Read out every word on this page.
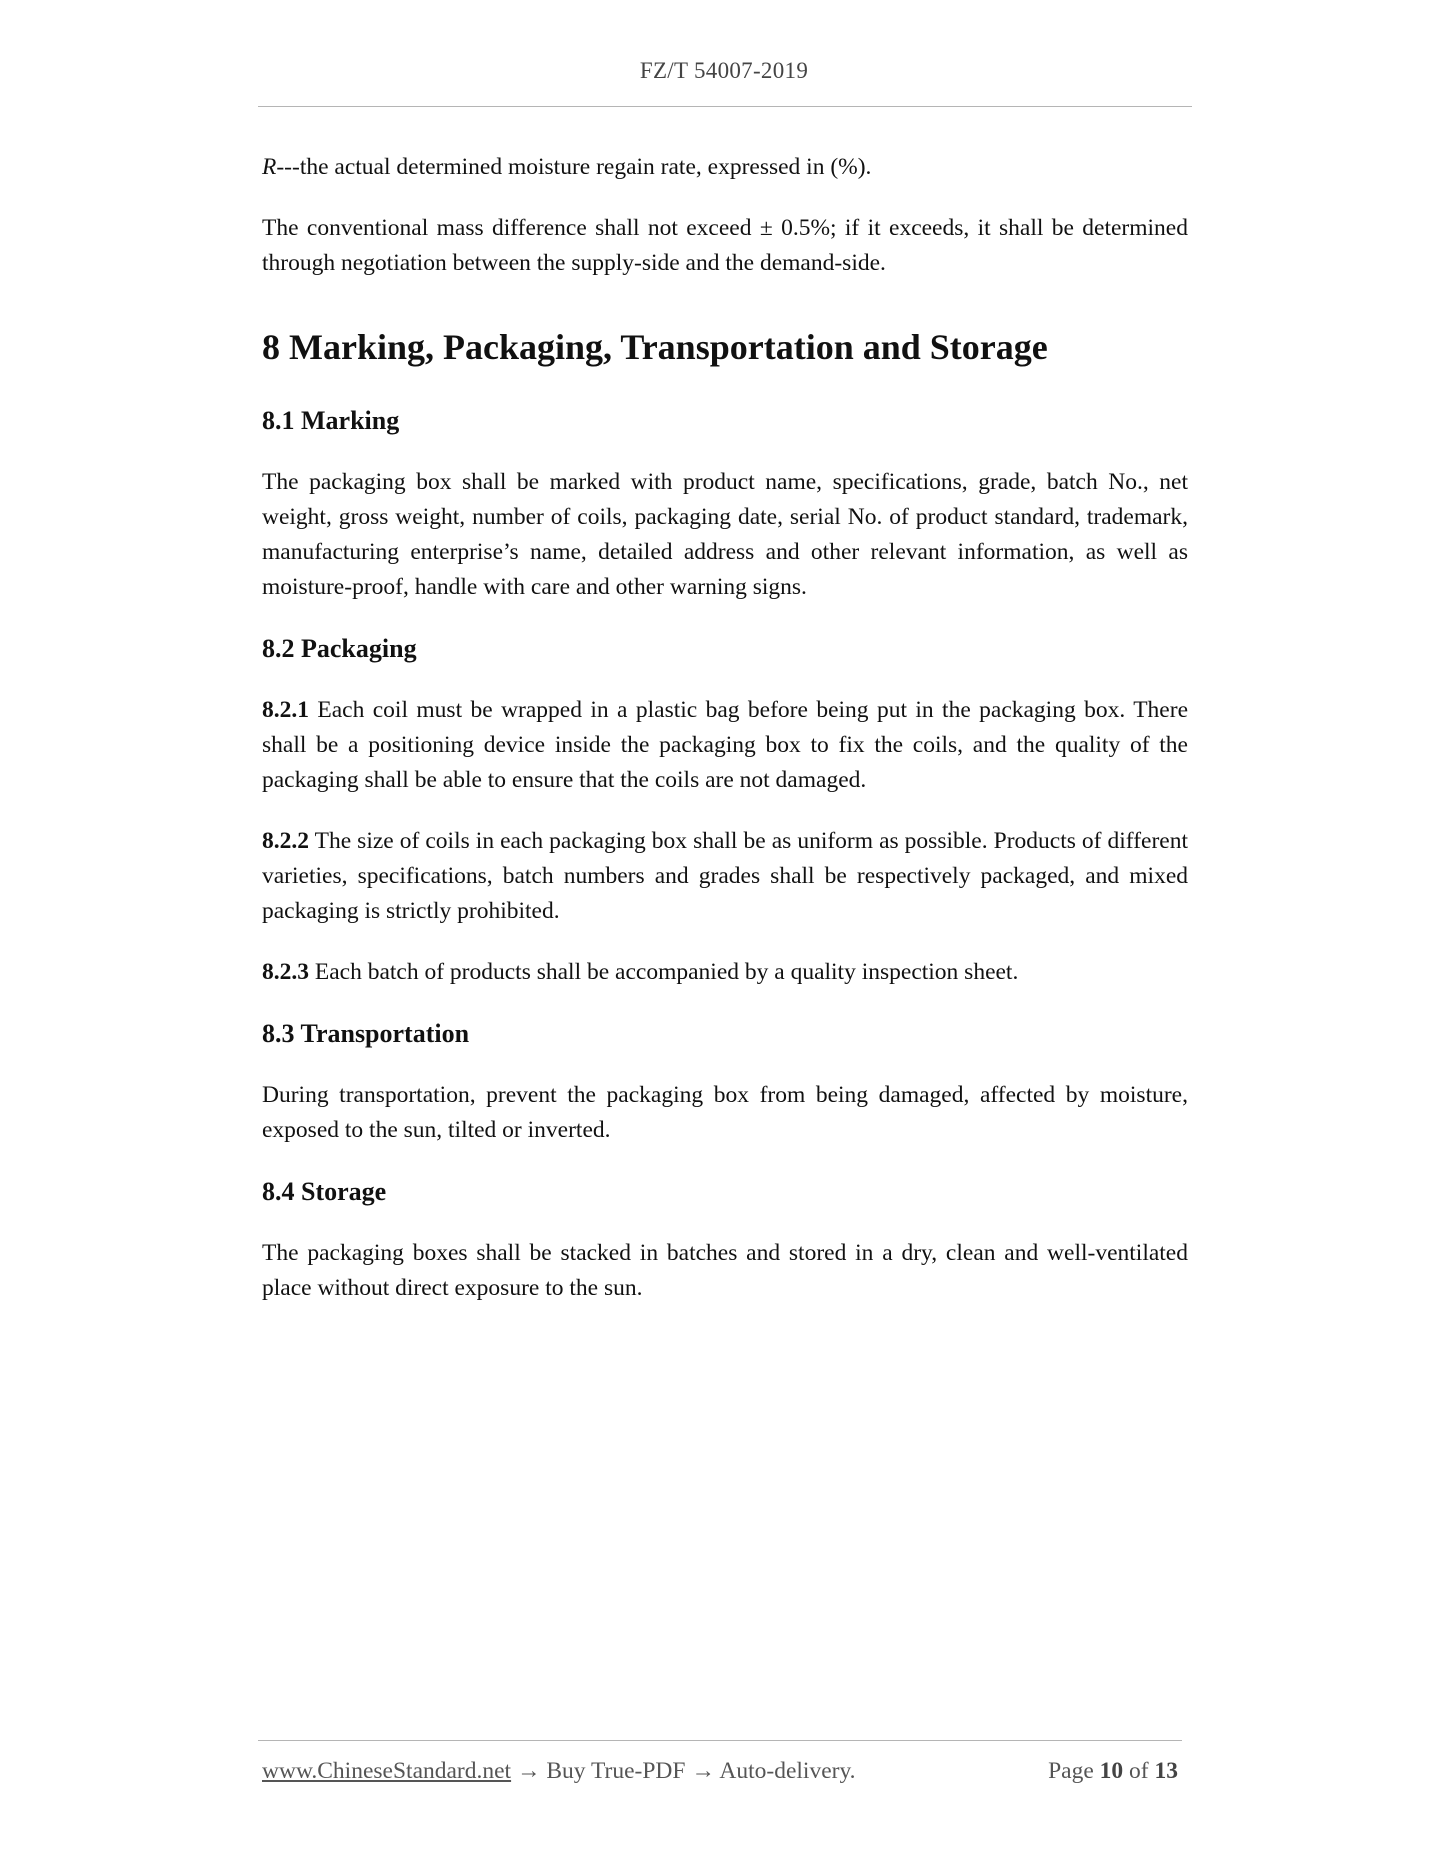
FZ/T 54007-2019

R---the actual determined moisture regain rate, expressed in (%).

The conventional mass difference shall not exceed ± 0.5%; if it exceeds, it shall be determined through negotiation between the supply-side and the demand-side.

8 Marking, Packaging, Transportation and Storage
8.1 Marking

The packaging box shall be marked with product name, specifications, grade, batch No., net weight, gross weight, number of coils, packaging date, serial No. of product standard, trademark, manufacturing enterprise’s name, detailed address and other relevant information, as well as moisture-proof, handle with care and other warning signs.

8.2 Packaging

8.2.1 Each coil must be wrapped in a plastic bag before being put in the packaging box. There shall be a positioning device inside the packaging box to fix the coils, and the quality of the packaging shall be able to ensure that the coils are not damaged.

8.2.2 The size of coils in each packaging box shall be as uniform as possible. Products of different varieties, specifications, batch numbers and grades shall be respectively packaged, and mixed packaging is strictly prohibited.

8.2.3 Each batch of products shall be accompanied by a quality inspection sheet.

8.3 Transportation

During transportation, prevent the packaging box from being damaged, affected by moisture, exposed to the sun, tilted or inverted.

8.4 Storage

The packaging boxes shall be stacked in batches and stored in a dry, clean and well-ventilated place without direct exposure to the sun.

www.ChineseStandard.net → Buy True-PDF → Auto-delivery.	Page 10 of 13
